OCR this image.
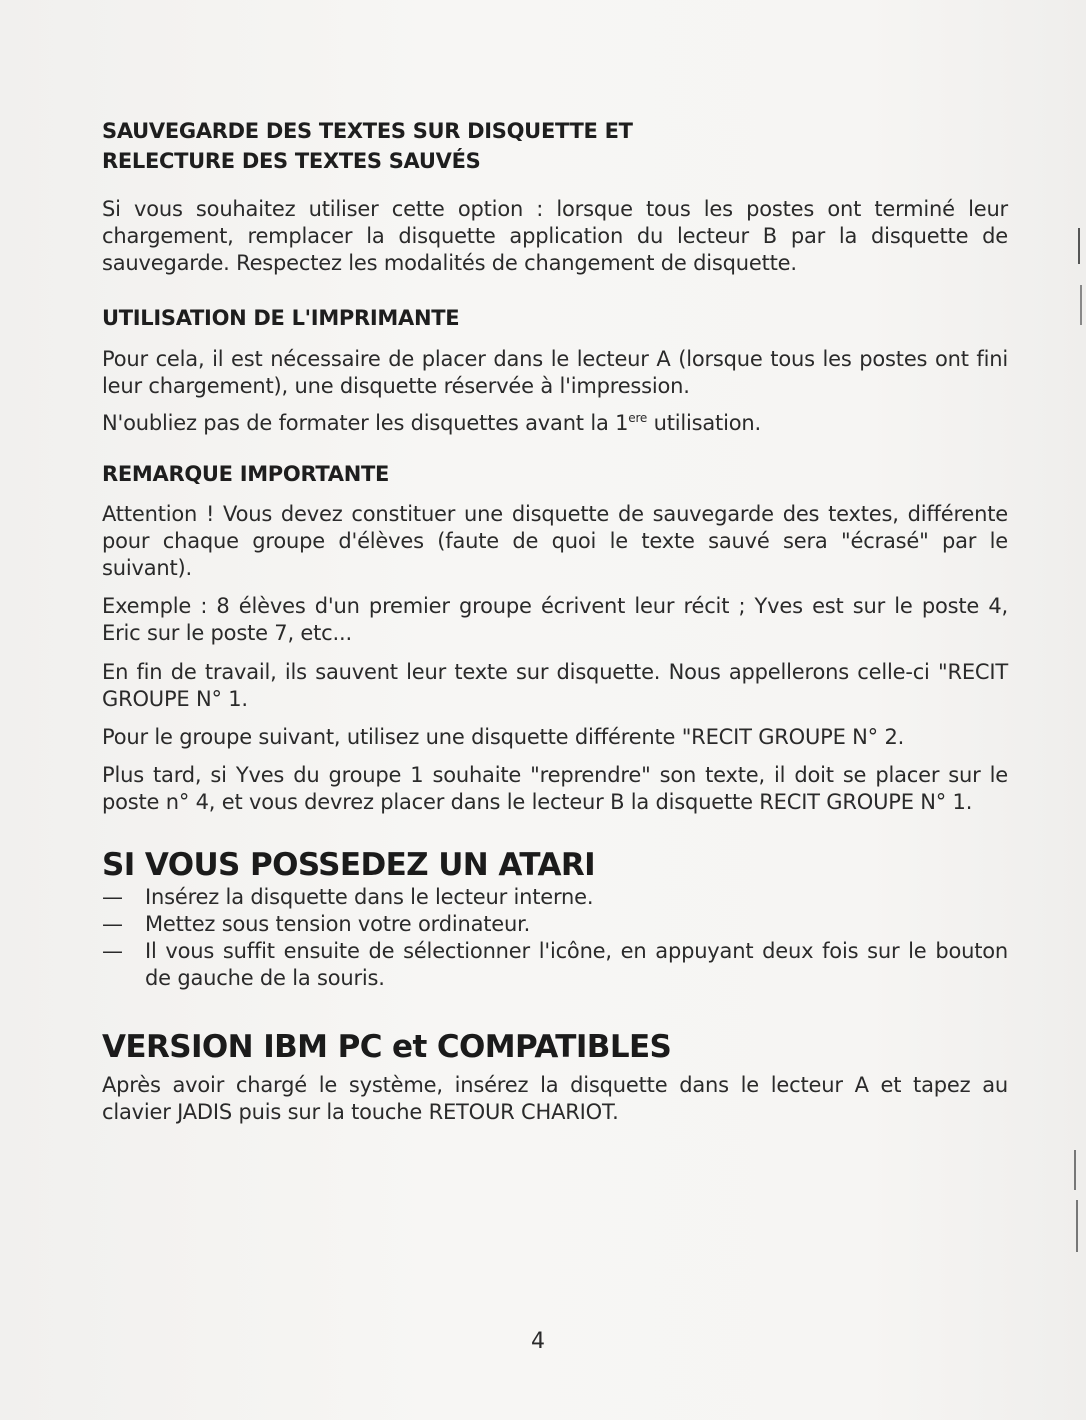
SAUVEGARDE DES TEXTES SUR DISQUETTE ET
RELECTURE DES TEXTES SAUVÉS

Si vous souhaitez utiliser cette option : lorsque tous les postes ont terminé leur chargement, remplacer la disquette application du lecteur B par la disquette de sauvegarde. Respectez les modalités de changement de disquette.

UTILISATION DE L'IMPRIMANTE

Pour cela, il est nécessaire de placer dans le lecteur A (lorsque tous les postes ont fini leur chargement), une disquette réservée à l'impression.

N'oubliez pas de formater les disquettes avant la 1ere utilisation.

REMARQUE IMPORTANTE

Attention ! Vous devez constituer une disquette de sauvegarde des textes, différente pour chaque groupe d'élèves (faute de quoi le texte sauvé sera "écrasé" par le suivant).

Exemple : 8 élèves d'un premier groupe écrivent leur récit ; Yves est sur le poste 4, Eric sur le poste 7, etc...

En fin de travail, ils sauvent leur texte sur disquette. Nous appellerons celle-ci "RECIT GROUPE N° 1.

Pour le groupe suivant, utilisez une disquette différente "RECIT GROUPE N° 2.

Plus tard, si Yves du groupe 1 souhaite "reprendre" son texte, il doit se placer sur le poste n° 4, et vous devrez placer dans le lecteur B la disquette RECIT GROUPE N° 1.

SI VOUS POSSEDEZ UN ATARI
— Insérez la disquette dans le lecteur interne.
— Mettez sous tension votre ordinateur.
— Il vous suffit ensuite de sélectionner l'icône, en appuyant deux fois sur le bouton de gauche de la souris.
VERSION IBM PC et COMPATIBLES

Après avoir chargé le système, insérez la disquette dans le lecteur A et tapez au clavier JADIS puis sur la touche RETOUR CHARIOT.

4
